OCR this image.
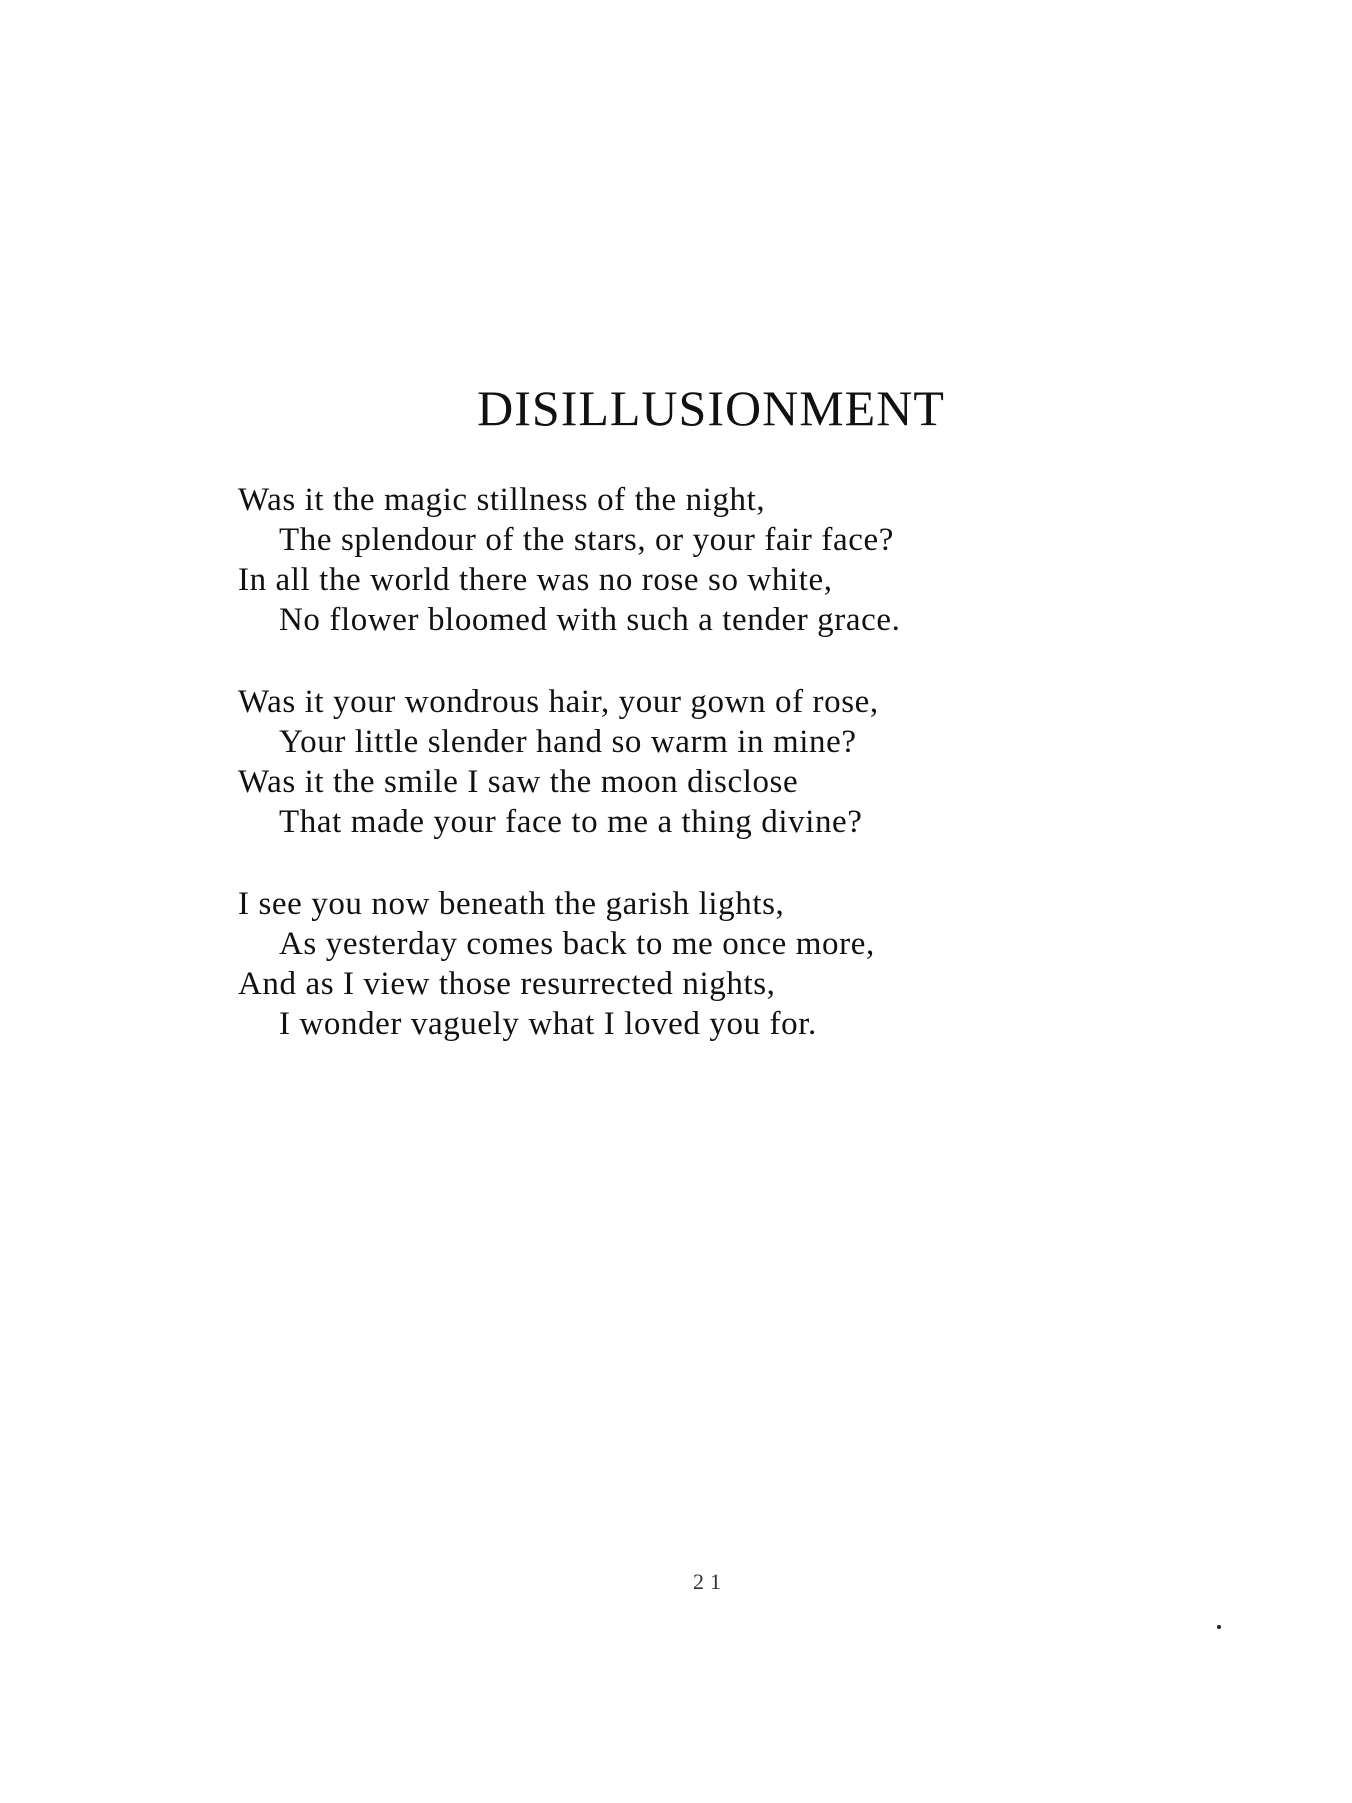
DISILLUSIONMENT
Was it the magic stillness of the night,
The splendour of the stars, or your fair face?
In all the world there was no rose so white,
No flower bloomed with such a tender grace.
Was it your wondrous hair, your gown of rose,
Your little slender hand so warm in mine?
Was it the smile I saw the moon disclose
That made your face to me a thing divine?
I see you now beneath the garish lights,
As yesterday comes back to me once more,
And as I view those resurrected nights,
I wonder vaguely what I loved you for.
21
